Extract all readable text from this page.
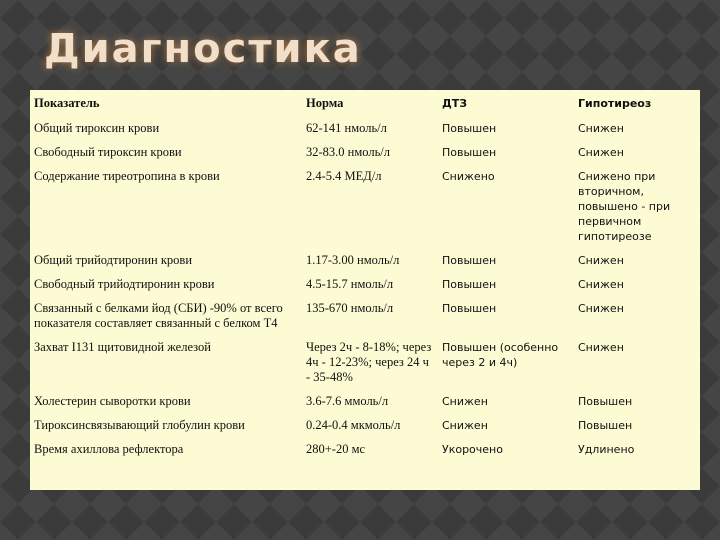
Диагностика
Показатель	Норма	ДТЗ	Гипотиреоз
Общий тироксин крови	62-141 нмоль/л	Повышен	Снижен
Свободный тироксин крови	32-83.0 нмоль/л	Повышен	Снижен
Содержание тиреотропина в крови	2.4-5.4 МЕД/л	Снижено	Снижено при вторичном, повышено - при первичном гипотиреозе
Общий трийодтиронин крови	1.17-3.00 нмоль/л	Повышен	Снижен
Свободный трийодтиронин крови	4.5-15.7 нмоль/л	Повышен	Снижен
Связанный с белками йод (СБИ) -90% от всего показателя составляет связанный с белком Т4	135-670 нмоль/л	Повышен	Снижен
Захват I131 щитовидной железой	Через 2ч - 8-18%; через 4ч - 12-23%; через 24 ч - 35-48%	Повышен (особенно через 2 и 4ч)	Снижен
Холестерин сыворотки крови	3.6-7.6 ммоль/л	Снижен	Повышен
Тироксинсвязывающий глобулин крови	0.24-0.4 мкмоль/л	Снижен	Повышен
Время ахиллова рефлектора	280+-20 мс	Укорочено	Удлинено
